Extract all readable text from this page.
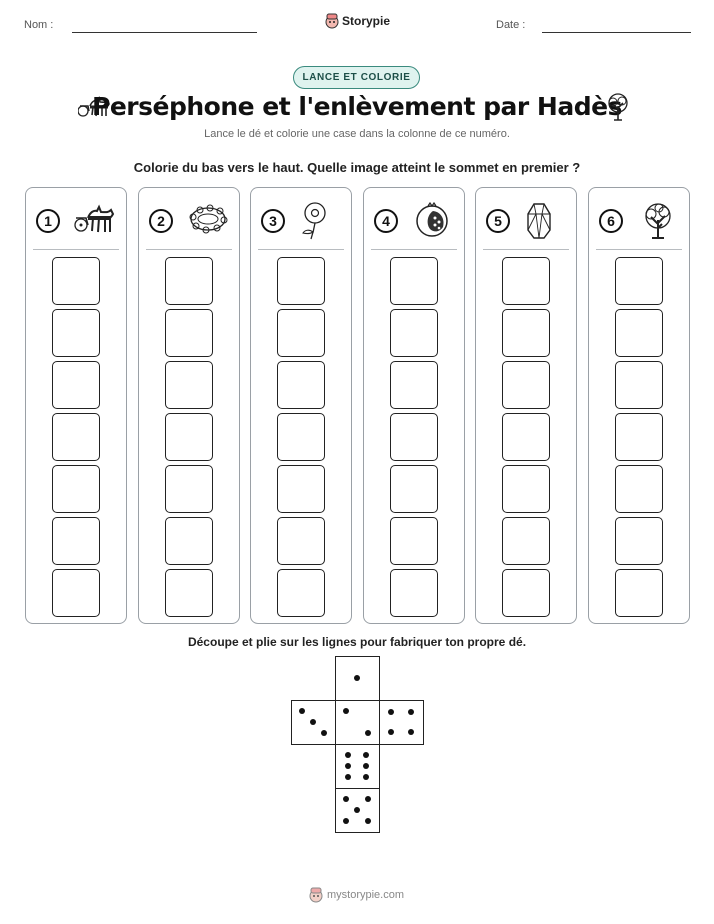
Nom :	Storypie	Date :
LANCE ET COLORIE
Perséphone et l'enlèvement par Hadès
Lance le dé et colorie une case dans la colonne de ce numéro.
Colorie du bas vers le haut. Quelle image atteint le sommet en premier ?
1	2	3	4	5	6
Découpe et plie sur les lignes pour fabriquer ton propre dé.
mystorypie.com
